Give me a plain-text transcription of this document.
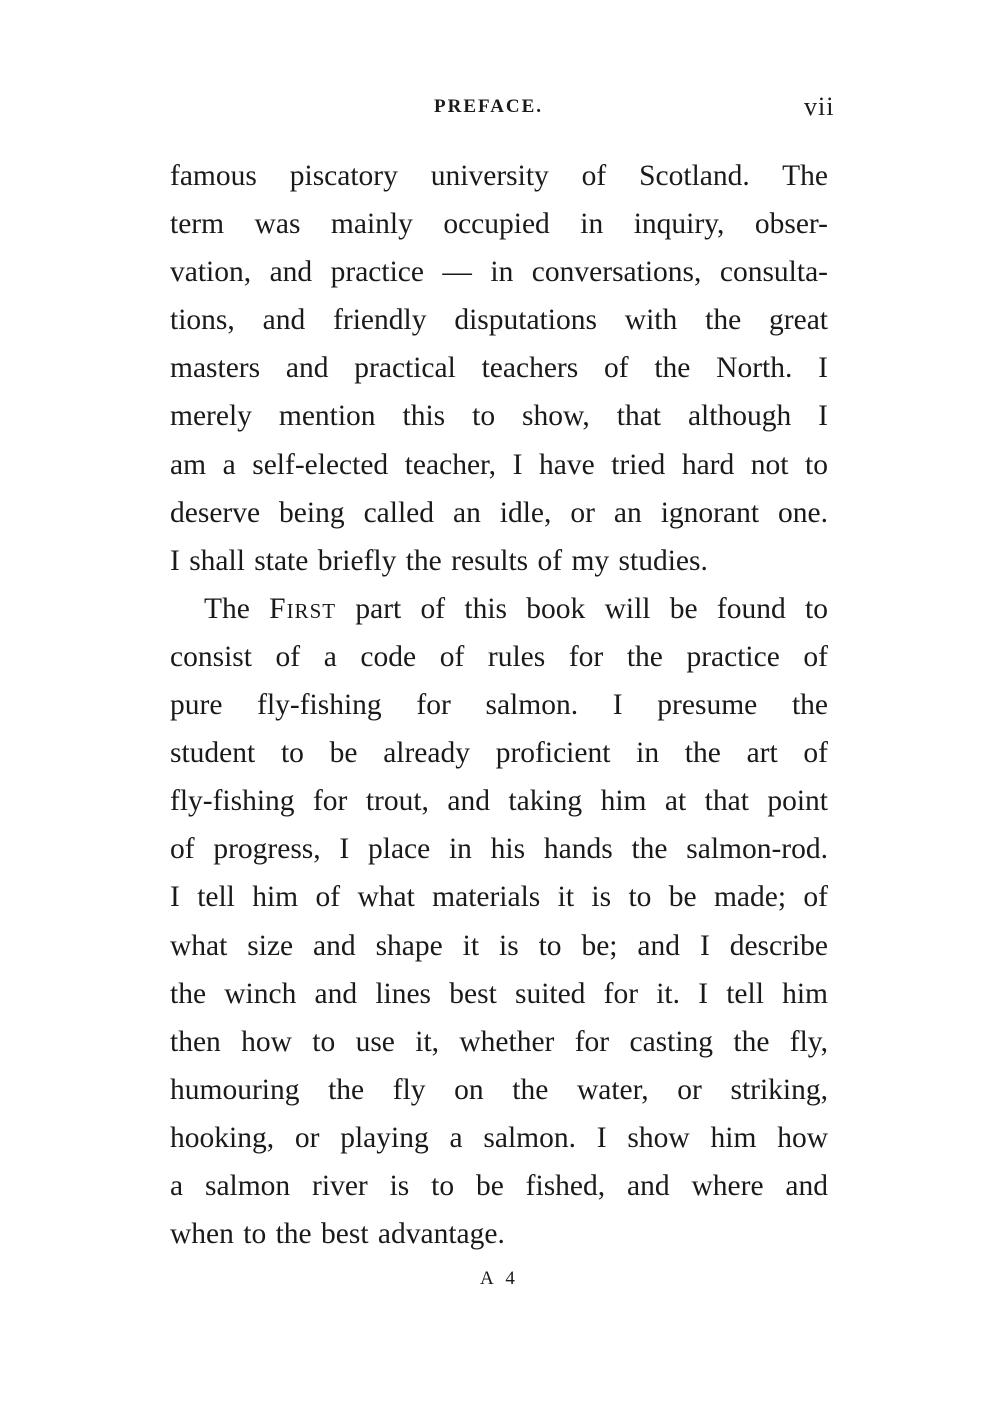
PREFACE.	vii
famous piscatory university of Scotland. The
term was mainly occupied in inquiry, obser-
vation, and practice — in conversations, consulta-
tions, and friendly disputations with the great
masters and practical teachers of the North. I
merely mention this to show, that although I
am a self-elected teacher, I have tried hard not to
deserve being called an idle, or an ignorant one.
I shall state briefly the results of my studies.
The First part of this book will be found to
consist of a code of rules for the practice of
pure fly-fishing for salmon. I presume the
student to be already proficient in the art of
fly-fishing for trout, and taking him at that point
of progress, I place in his hands the salmon-rod.
I tell him of what materials it is to be made; of
what size and shape it is to be; and I describe
the winch and lines best suited for it. I tell him
then how to use it, whether for casting the fly,
humouring the fly on the water, or striking,
hooking, or playing a salmon. I show him how
a salmon river is to be fished, and where and
when to the best advantage.
A 4
